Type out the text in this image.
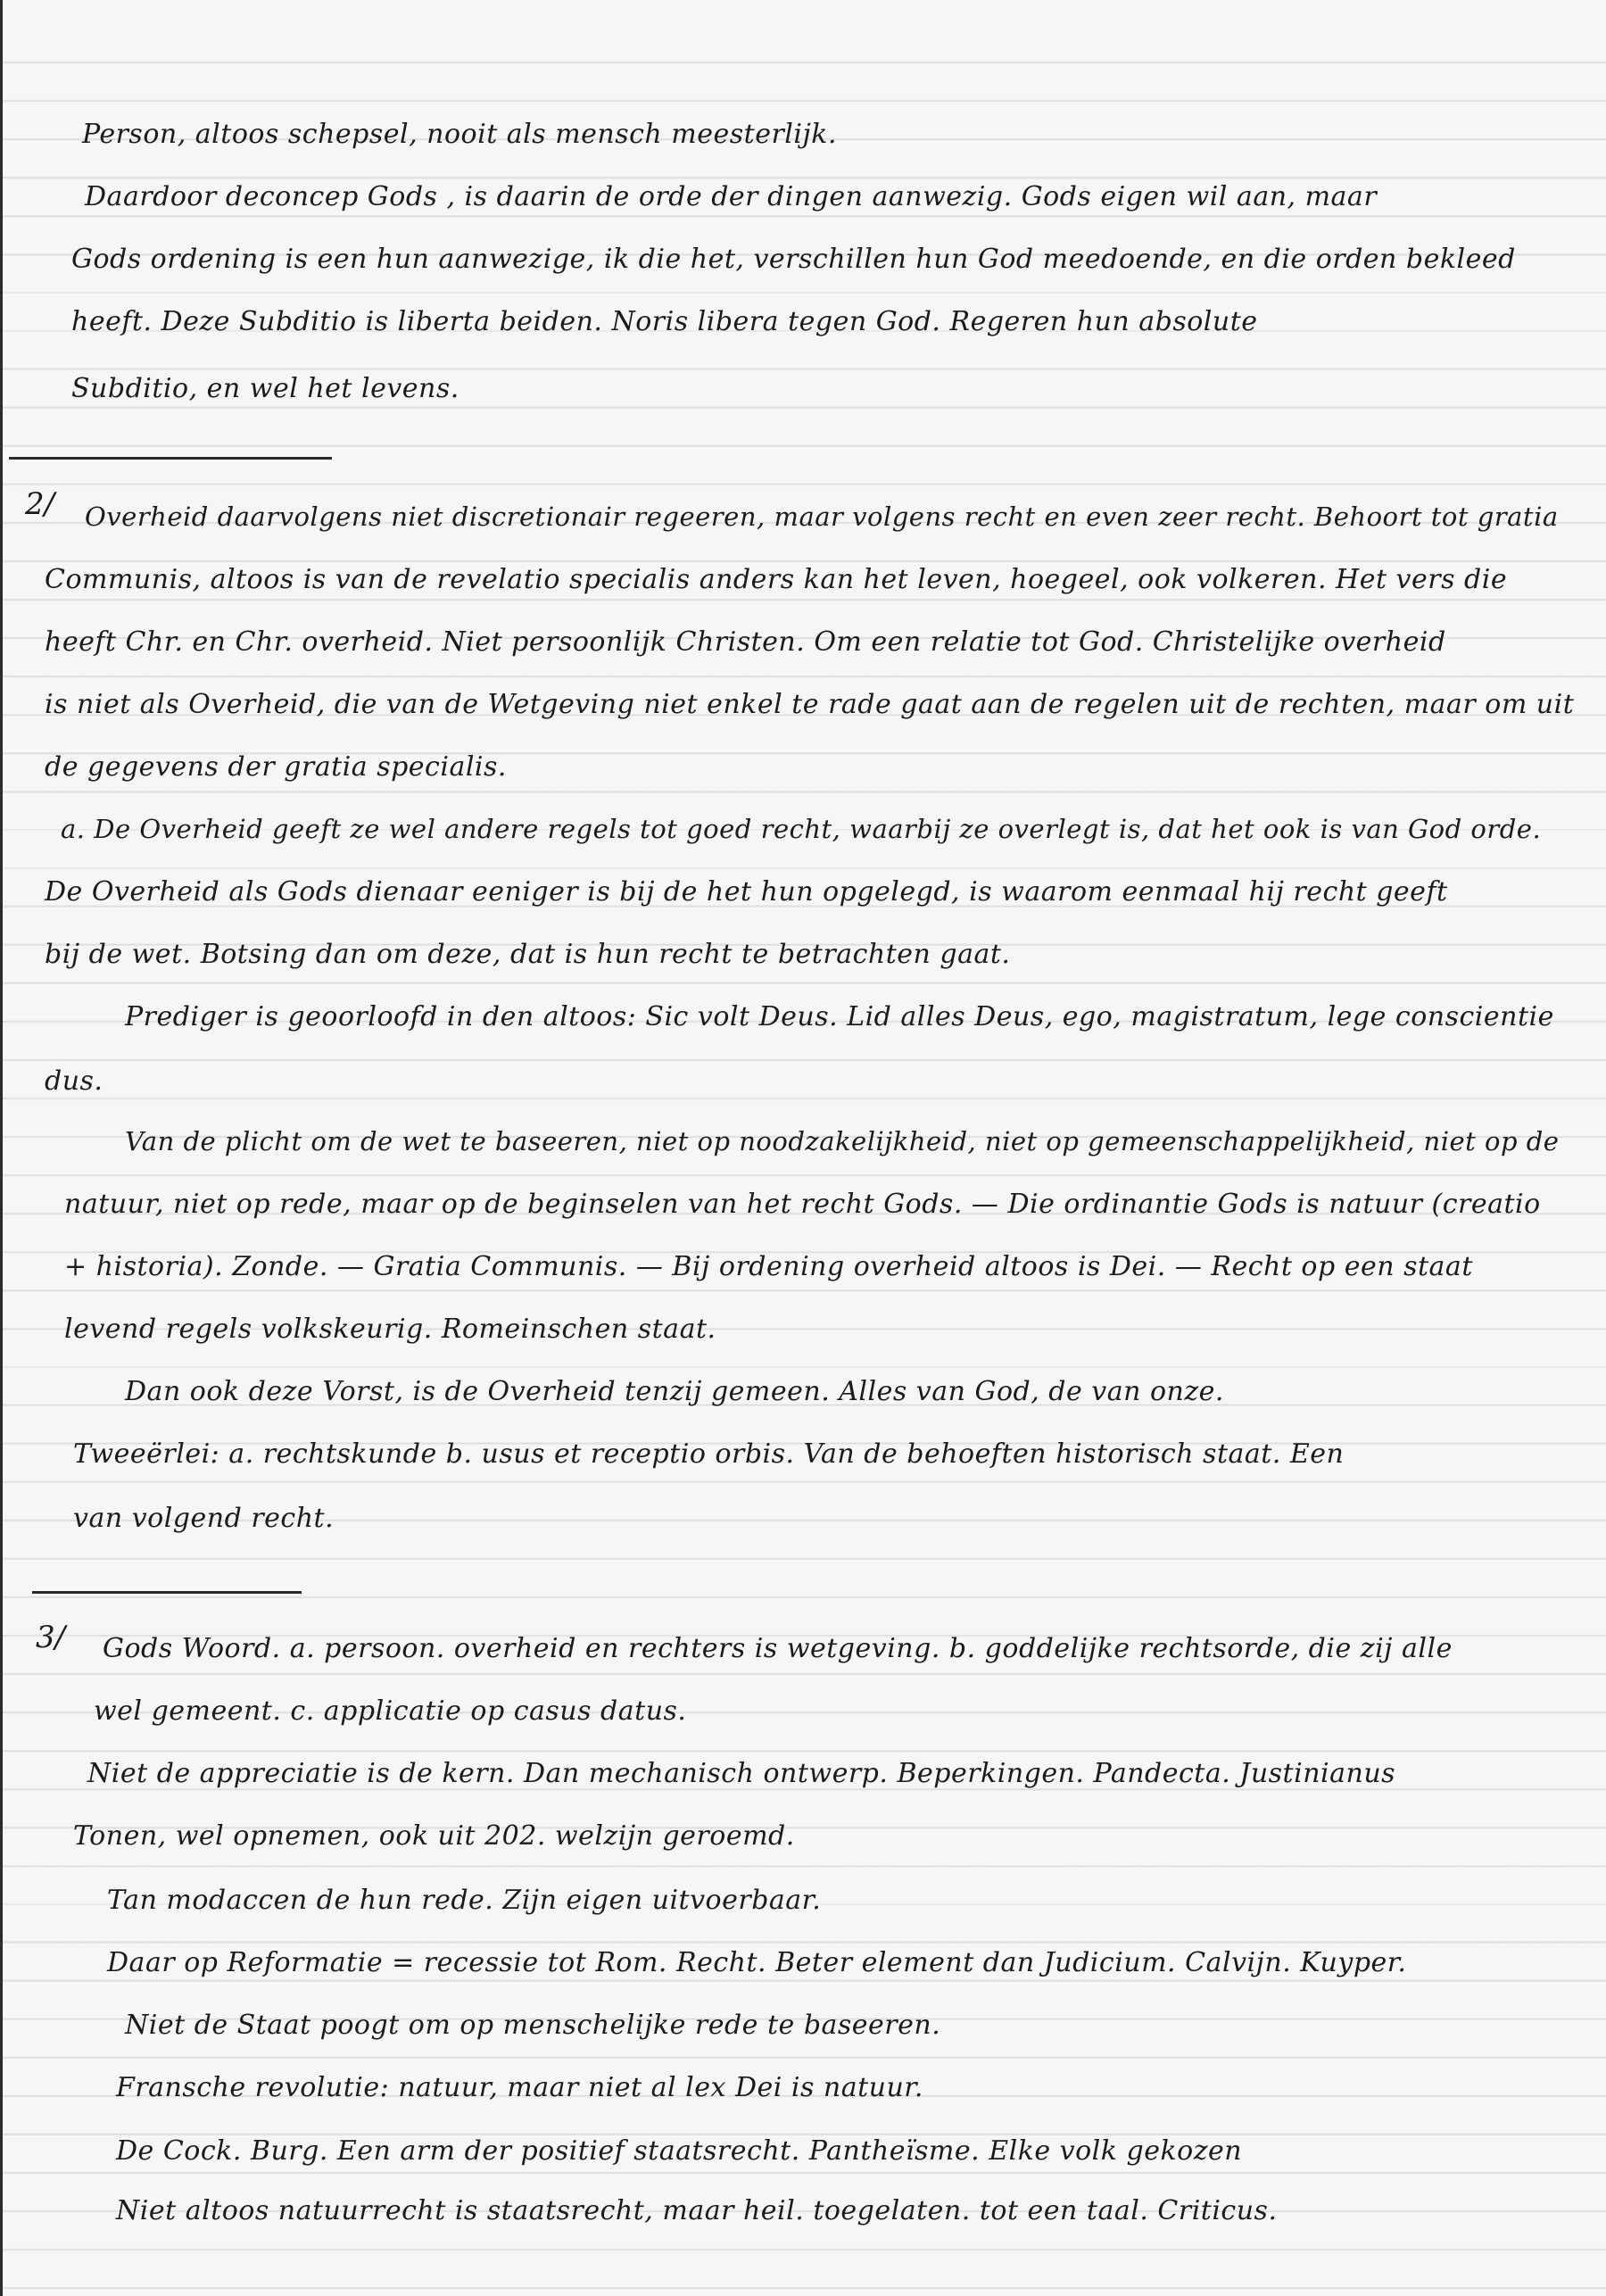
Person, altoos schepsel, nooit als mensch meesterlijk.
Daardoor deconcep Gods , is daarin de orde der dingen aanwezig. Gods eigen wil aan, maar
Gods ordening is een hun aanwezige, ik die het, verschillen hun God meedoende, en die orden bekleed
heeft. Deze Subditio is liberta beiden. Noris libera tegen God. Regeren hun absolute
Subditio, en wel het levens.
2/ Overheid daarvolgens niet discretionair regeeren, maar volgens recht en even zeer recht. Behoort tot gratia
Communis, altoos is van de revelatio specialis anders kan het leven, hoegeel, ook volkeren. Het vers die
heeft Chr. en Chr. overheid. Niet persoonlijk Christen. Om een relatie tot God. Christelijke overheid
is niet als Overheid, die van de Wetgeving niet enkel te rade gaat aan de regelen uit de rechten, maar om uit
de gegevens der gratia specialis.
a. De Overheid geeft ze wel andere regels tot goed recht, waarbij ze overlegt is, dat het ook is van God orde.
De Overheid als Gods dienaar eeniger is bij de het hun opgelegd, is waarom eenmaal hij recht geeft
bij de wet. Botsing dan om deze, dat is hun recht te betrachten gaat.
Prediger is geoorloofd in den altoos: Sic volt Deus. Lid alles Deus, ego, magistratum, lege conscientie
dus.
Van de plicht om de wet te baseeren, niet op noodzakelijkheid, niet op gemeenschappelijkheid, niet op de
natuur, niet op rede, maar op de beginselen van het recht Gods. — Die ordinantie Gods is natuur (creatio
+ historia). Zonde. — Gratia Communis. — Bij ordening overheid altoos is Dei. — Recht op een staat
levend regels volkskeurig. Romeinschen staat.
Dan ook deze Vorst, is de Overheid tenzij gemeen. Alles van God, de van onze.
Tweeërlei: a. rechtskunde b. usus et receptio orbis. Van de behoeften historisch staat. Een
van volgend recht.
3/ Gods Woord. a. persoon. overheid en rechters is wetgeving. b. goddelijke rechtsorde, die zij alle
wel gemeent. c. applicatie op casus datus.
Niet de appreciatie is de kern. Dan mechanisch ontwerp. Beperkingen. Pandecta. Justinianus
Tonen, wel opnemen, ook uit 202. welzijn geroemd.
Tan modaccen de hun rede. Zijn eigen uitvoerbaar.
Daar op Reformatie = recessie tot Rom. Recht. Beter element dan Judicium. Calvijn. Kuyper.
Niet de Staat poogt om op menschelijke rede te baseeren.
Fransche revolutie: natuur, maar niet al lex Dei is natuur.
De Cock. Burg. Een arm der positief staatsrecht. Pantheïsme. Elke volk gekozen
Niet altoos natuurrecht is staatsrecht, maar heil. toegelaten. tot een taal. Criticus.
